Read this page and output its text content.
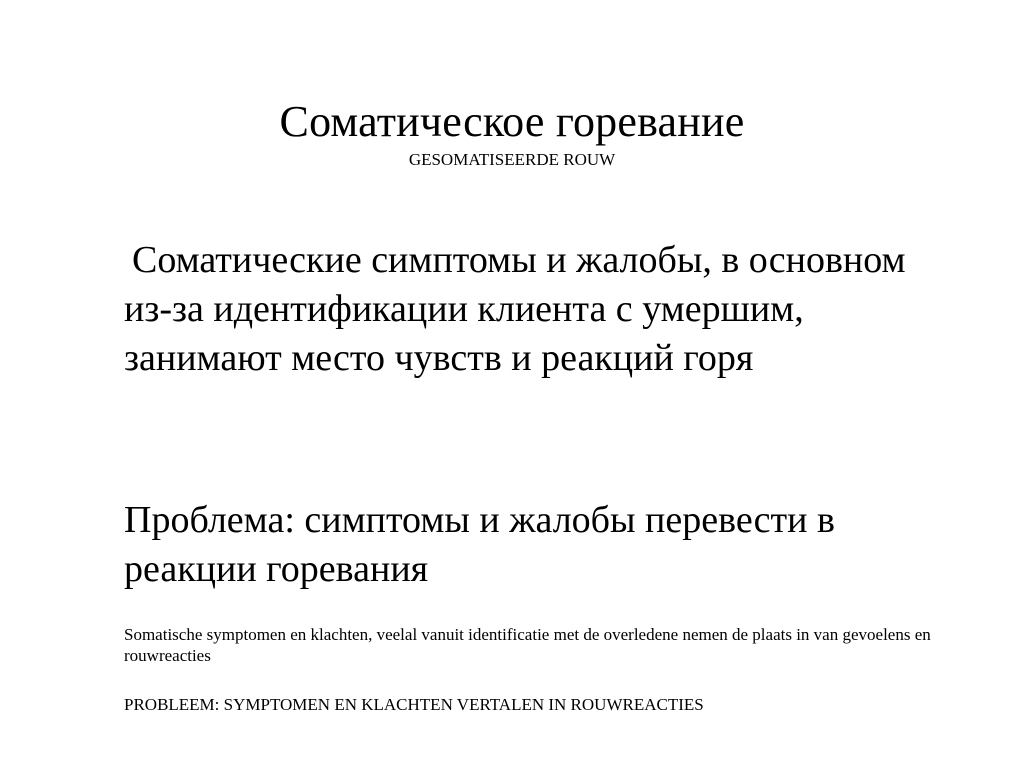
Соматическое горевание

GESOMATISEERDE ROUW

Соматические симптомы и жалобы, в основном из-за идентификации клиента с умершим, занимают место чувств и реакций горя

Проблема: симптомы и жалобы перевести в реакции горевания

Somatische symptomen en klachten, veelal vanuit identificatie met de overledene nemen de plaats in van gevoelens en rouwreacties

PROBLEEM: SYMPTOMEN EN KLACHTEN VERTALEN IN ROUWREACTIES
